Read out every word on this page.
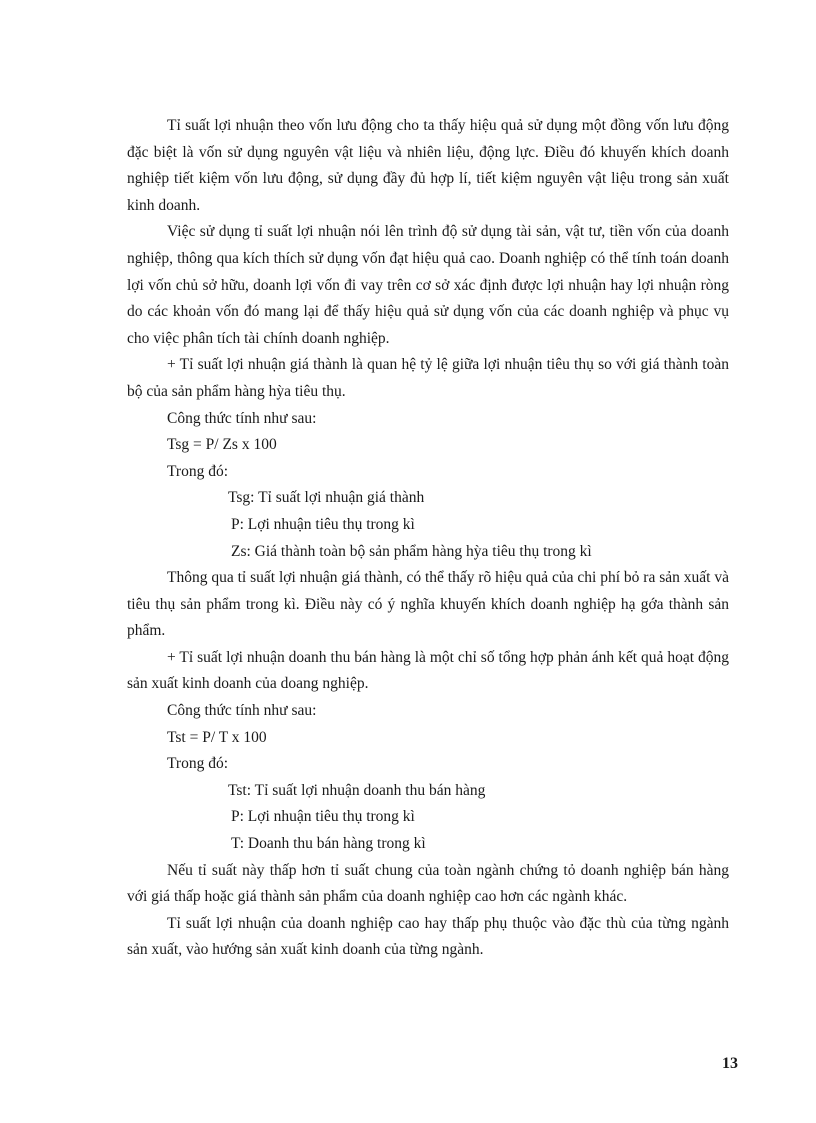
Tỉ suất lợi nhuận theo vốn lưu động cho ta thấy hiệu quả sử dụng một đồng vốn lưu động đặc biệt là vốn sử dụng nguyên vật liệu và nhiên liệu, động lực. Điều đó khuyến khích doanh nghiệp tiết kiệm vốn lưu động, sử dụng đầy đủ hợp lí, tiết kiệm nguyên vật liệu trong sản xuất kinh doanh.

Việc sử dụng tỉ suất lợi nhuận nói lên trình độ sử dụng tài sản, vật tư, tiền vốn của doanh nghiệp, thông qua kích thích sử dụng vốn đạt hiệu quả cao. Doanh nghiệp có thể tính toán doanh lợi vốn chủ sở hữu, doanh lợi vốn đi vay trên cơ sở xác định được lợi nhuận hay lợi nhuận ròng do các khoản vốn đó mang lại để thấy hiệu quả sử dụng vốn của các doanh nghiệp và phục vụ cho việc phân tích tài chính doanh nghiệp.

+ Tỉ suất lợi nhuận giá thành là quan hệ tỷ lệ giữa lợi nhuận tiêu thụ so với giá thành toàn bộ của sản phẩm hàng hỳa tiêu thụ.

Công thức tính như sau:

Tsg = P/ Zs x 100

Trong đó:

Tsg: Tỉ suất lợi nhuận giá thành

P: Lợi nhuận tiêu thụ trong kì

Zs: Giá thành toàn bộ sản phẩm hàng hỳa tiêu thụ trong kì

Thông qua tỉ suất lợi nhuận giá thành, có thể thấy rõ hiệu quả của chi phí bỏ ra sản xuất và tiêu thụ sản phẩm trong kì. Điều này có ý nghĩa khuyến khích doanh nghiệp hạ gớa thành sản phẩm.

+ Tỉ suất lợi nhuận doanh thu bán hàng là một chỉ số tổng hợp phản ánh kết quả hoạt động sản xuất kinh doanh của doang nghiệp.

Công thức tính như sau:

Tst = P/ T x 100

Trong đó:

Tst: Tỉ suất lợi nhuận doanh thu bán hàng

P: Lợi nhuận tiêu thụ trong kì

T: Doanh thu bán hàng trong kì

Nếu tỉ suất này thấp hơn tỉ suất chung của toàn ngành chứng tỏ doanh nghiệp bán hàng với giá thấp hoặc giá thành sản phẩm của doanh nghiệp cao hơn các ngành khác.

Tỉ suất lợi nhuận của doanh nghiệp cao hay thấp phụ thuộc vào đặc thù của từng ngành sản xuất, vào hướng sản xuất kinh doanh của từng ngành.

13
